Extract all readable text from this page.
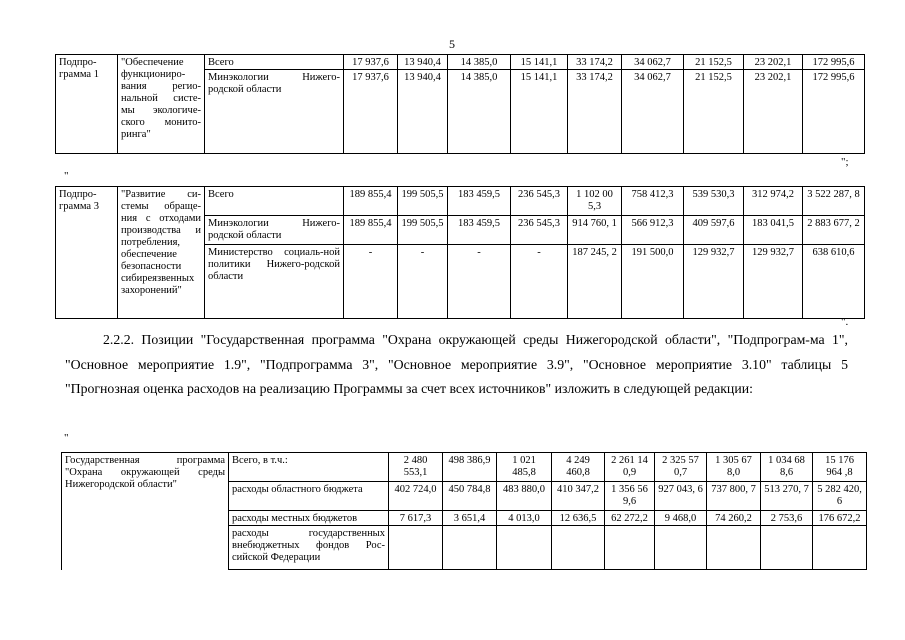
5
Подпро-
грамма 1	"Обеспечение функциониро-вания регио-нальной систе-мы экологиче-ского монито-ринга"	Всего	17 937,6	13 940,4	14 385,0	15 141,1	33 174,2	34 062,7	21 152,5	23 202,1	172 995,6
		Минэкологии Нижего-родской области	17 937,6	13 940,4	14 385,0	15 141,1	33 174,2	34 062,7	21 152,5	23 202,1	172 995,6
";
"
Подпро-
грамма 3	"Развитие си-стемы обраще-ния с отходами производства и потребления, обеспечение безопасности сибиреязвенных захоронений"	Всего	189 855,4	199 505,5	183 459,5	236 545,3	1 102 00 5,3	758 412,3	539 530,3	312 974,2	3 522 287, 8
		Минэкологии Нижего-родской области	189 855,4	199 505,5	183 459,5	236 545,3	914 760, 1	566 912,3	409 597,6	183 041,5	2 883 677, 2
		Министерство социаль-ной политики Нижего-родской области	-	-	-	-	187 245, 2	191 500,0	129 932,7	129 932,7	638 610,6
".
2.2.2. Позиции "Государственная программа "Охрана окружающей среды Нижегородской области", "Подпрограм-ма 1", "Основное мероприятие 1.9", "Подпрограмма 3", "Основное мероприятие 3.9", "Основное мероприятие 3.10" таблицы 5 "Прогнозная оценка расходов на реализацию Программы за счет всех источников" изложить в следующей редакции:
"
Государственная программа "Охрана окружающей среды Нижегородской области"	Всего, в т.ч.:	2 480 553,1	498 386,9	1 021 485,8	4 249 460,8	2 261 14 0,9	2 325 57 0,7	1 305 67 8,0	1 034 68 8,6	15 176 964 ,8
	расходы областного бюджета	402 724,0	450 784,8	483 880,0	410 347,2	1 356 56 9,6	927 043, 6	737 800, 7	513 270, 7	5 282 420, 6
	расходы местных бюджетов	7 617,3	3 651,4	4 013,0	12 636,5	62 272,2	9 468,0	74 260,2	2 753,6	176 672,2
	расходы государственных внебюджетных фондов Рос-сийской Федерации									
